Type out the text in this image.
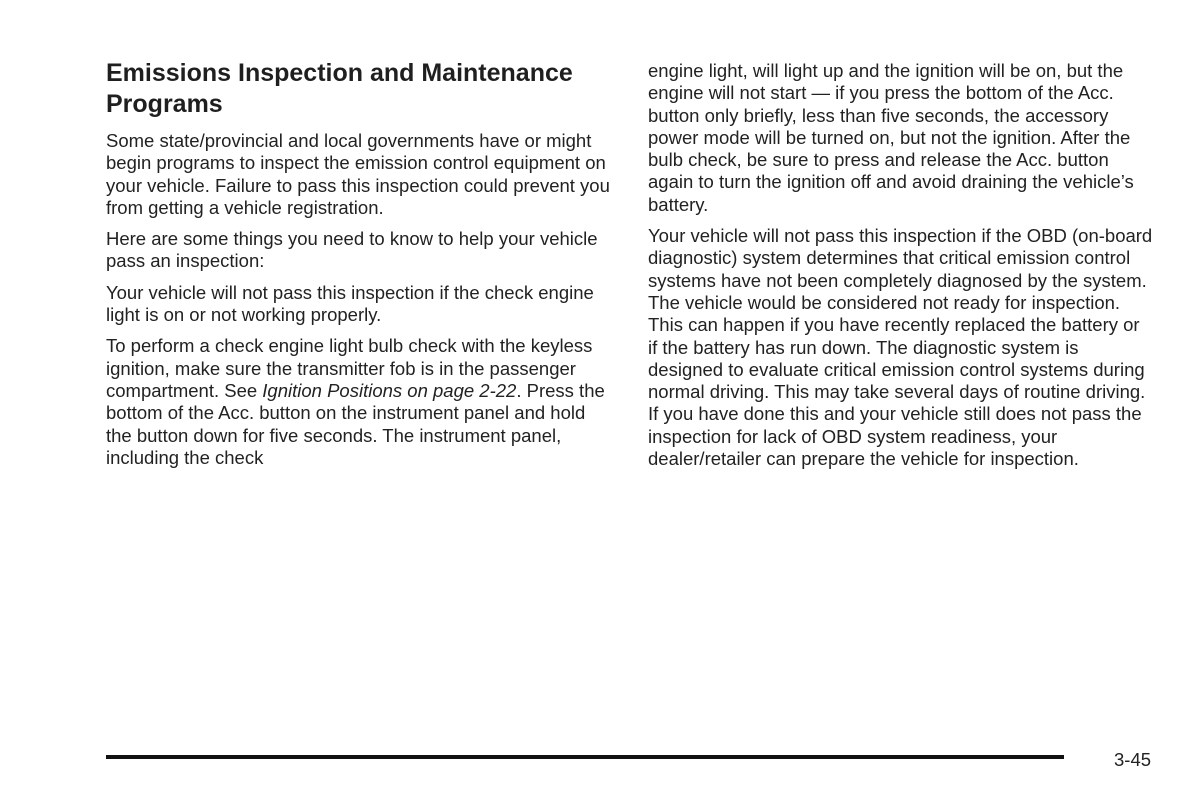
Emissions Inspection and Maintenance Programs

Some state/provincial and local governments have or might begin programs to inspect the emission control equipment on your vehicle. Failure to pass this inspection could prevent you from getting a vehicle registration.

Here are some things you need to know to help your vehicle pass an inspection:

Your vehicle will not pass this inspection if the check engine light is on or not working properly.

To perform a check engine light bulb check with the keyless ignition, make sure the transmitter fob is in the passenger compartment. See Ignition Positions on page 2-22. Press the bottom of the Acc. button on the instrument panel and hold the button down for five seconds. The instrument panel, including the check

engine light, will light up and the ignition will be on, but the engine will not start — if you press the bottom of the Acc. button only briefly, less than five seconds, the accessory power mode will be turned on, but not the ignition. After the bulb check, be sure to press and release the Acc. button again to turn the ignition off and avoid draining the vehicle’s battery.

Your vehicle will not pass this inspection if the OBD (on-board diagnostic) system determines that critical emission control systems have not been completely diagnosed by the system. The vehicle would be considered not ready for inspection. This can happen if you have recently replaced the battery or if the battery has run down. The diagnostic system is designed to evaluate critical emission control systems during normal driving. This may take several days of routine driving.

If you have done this and your vehicle still does not pass the inspection for lack of OBD system readiness, your dealer/retailer can prepare the vehicle for inspection.

3-45
